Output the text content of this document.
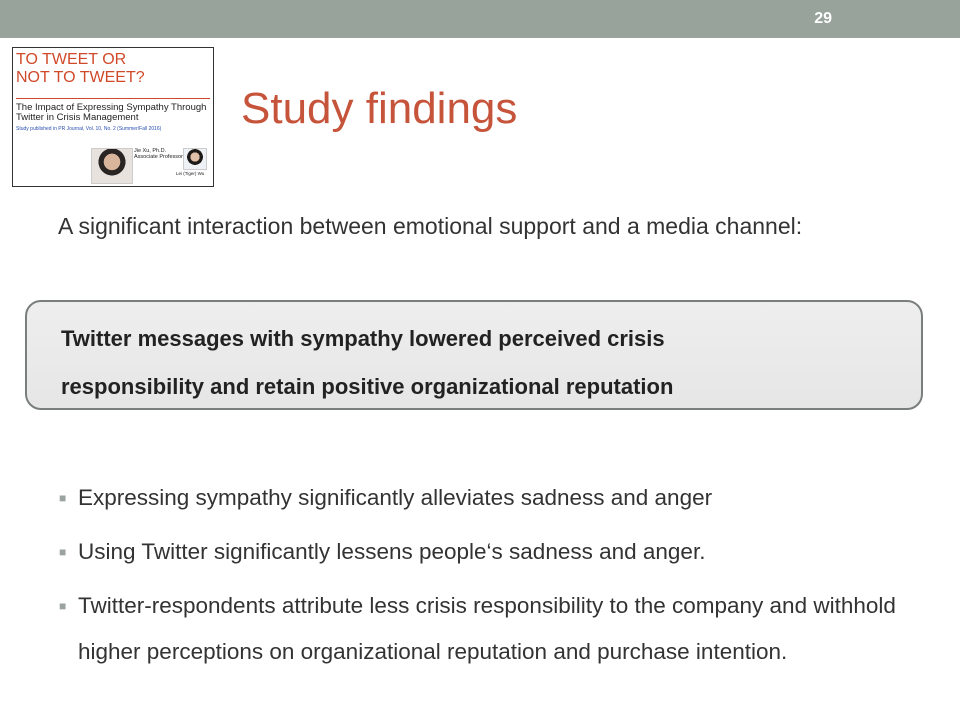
29
TO TWEET OR
NOT TO TWEET?
The Impact of Expressing Sympathy Through
Twitter in Crisis Management
Study published in PR Journal, Vol. 10, No. 2 (Summer/Fall 2016)
Jie Xu, Ph.D.
Associate Professor
Lei (Tiger) Wu
Study findings
A significant interaction between emotional support and a media channel:
Twitter messages with sympathy lowered perceived crisis
responsibility and retain positive organizational reputation
■ Expressing sympathy significantly alleviates sadness and anger
■ Using Twitter significantly lessens people‘s sadness and anger.
■ Twitter-respondents attribute less crisis responsibility to the company and withhold higher perceptions on organizational reputation and purchase intention.
